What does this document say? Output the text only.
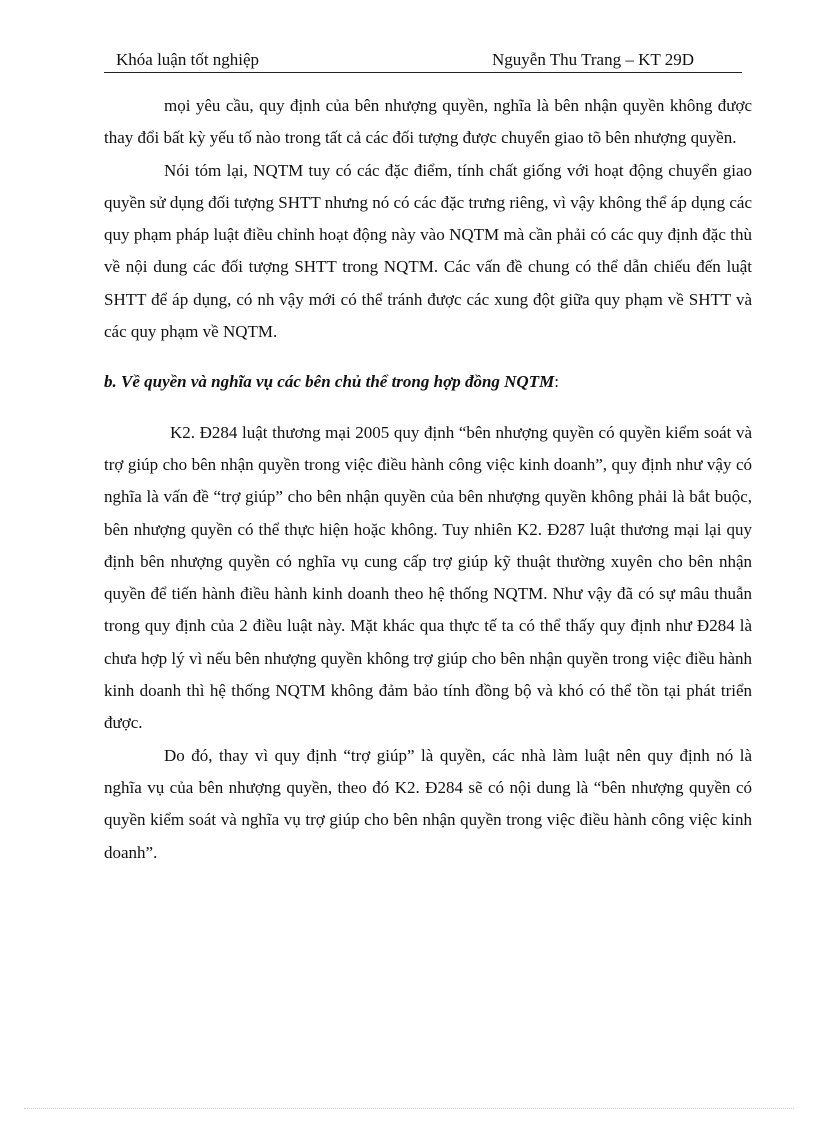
Khóa luận tốt nghiệp	Nguyễn Thu Trang – KT 29D

mọi yêu cầu, quy định của bên nhượng quyền, nghĩa là bên nhận quyền không được thay đổi bất kỳ yếu tố nào trong tất cả các đối tượng được chuyển giao tõ bên nhượng quyền.

Nói tóm lại, NQTM tuy có các đặc điểm, tính chất giống với hoạt động chuyển giao quyền sử dụng đối tượng SHTT nhưng nó có các đặc trưng riêng, vì vậy không thể áp dụng các quy phạm pháp luật điều chỉnh hoạt động này vào NQTM mà cần phải có các quy định đặc thù về nội dung các đối tượng SHTT trong NQTM. Các vấn đề chung có thể dẫn chiếu đến luật SHTT để áp dụng, có nh vậy mới có thể tránh được các xung đột giữa quy phạm về SHTT và các quy phạm về NQTM.

b. Về quyền và nghĩa vụ các bên chủ thể trong hợp đồng NQTM:

K2. Đ284 luật thương mại 2005 quy định “bên nhượng quyền có quyền kiểm soát và trợ giúp cho bên nhận quyền trong việc điều hành công việc kinh doanh”, quy định như vậy có nghĩa là vấn đề “trợ giúp” cho bên nhận quyền của bên nhượng quyền không phải là bắt buộc, bên nhượng quyền có thể thực hiện hoặc không. Tuy nhiên K2. Đ287 luật thương mại lại quy định bên nhượng quyền có nghĩa vụ cung cấp trợ giúp kỹ thuật thường xuyên cho bên nhận quyền để tiến hành điều hành kinh doanh theo hệ thống NQTM. Như vậy đã có sự mâu thuẫn trong quy định của 2 điều luật này. Mặt khác qua thực tế ta có thể thấy quy định như Đ284 là chưa hợp lý vì nếu bên nhượng quyền không trợ giúp cho bên nhận quyền trong việc điều hành kinh doanh thì hệ thống NQTM không đảm bảo tính đồng bộ và khó có thể tồn tại phát triển được.

Do đó, thay vì quy định “trợ giúp” là quyền, các nhà làm luật nên quy định nó là nghĩa vụ của bên nhượng quyền, theo đó K2. Đ284 sẽ có nội dung là “bên nhượng quyền có quyền kiểm soát và nghĩa vụ trợ giúp cho bên nhận quyền trong việc điều hành công việc kinh doanh”.
